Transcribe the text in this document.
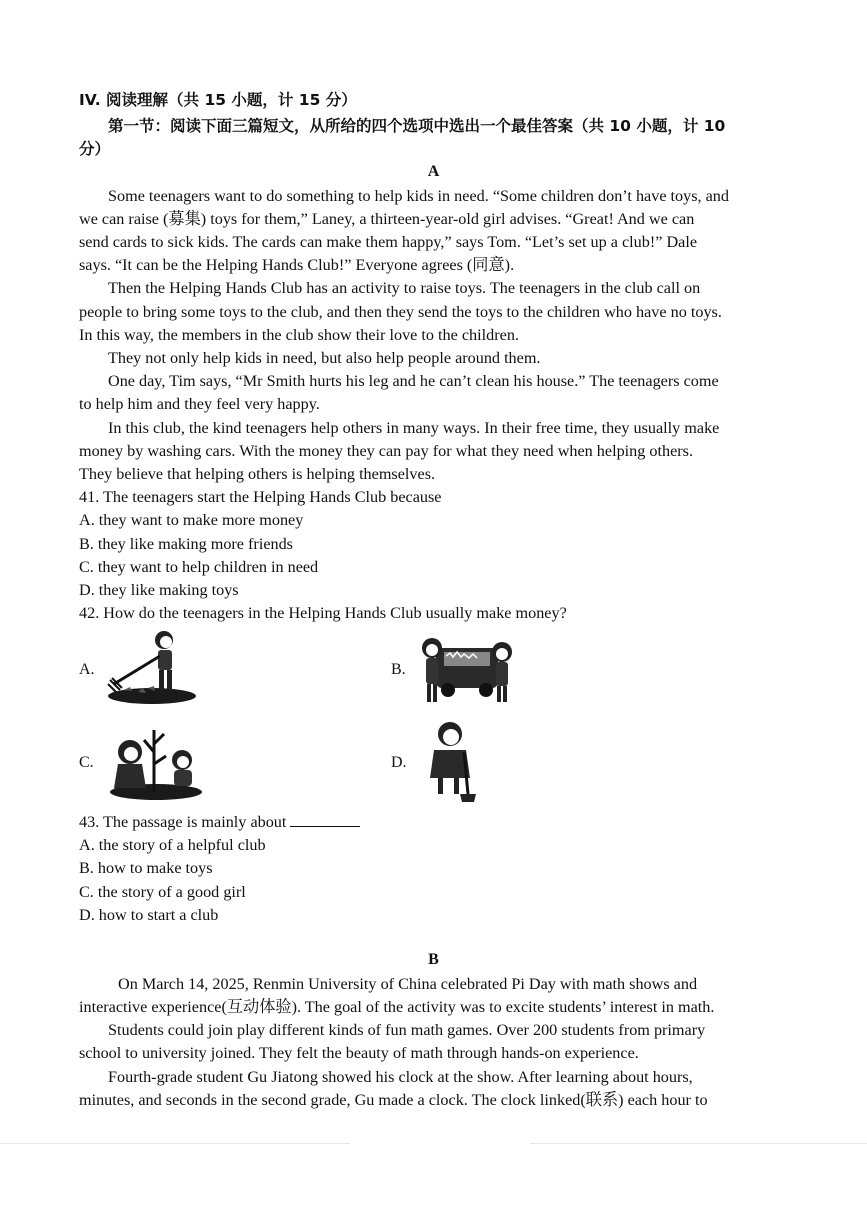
IV. 阅读理解（共 15 小题，计 15 分）
第一节：阅读下面三篇短文，从所给的四个选项中选出一个最佳答案（共 10 小题，计 10
分）
A
Some teenagers want to do something to help kids in need. “Some children don’t have toys, and
we can raise (募集) toys for them,” Laney, a thirteen-year-old girl advises. “Great! And we can
send cards to sick kids. The cards can make them happy,” says Tom. “Let’s set up a club!” Dale
says. “It can be the Helping Hands Club!” Everyone agrees (同意).
Then the Helping Hands Club has an activity to raise toys. The teenagers in the club call on
people to bring some toys to the club, and then they send the toys to the children who have no toys.
In this way, the members in the club show their love to the children.
They not only help kids in need, but also help people around them.
One day, Tim says, “Mr Smith hurts his leg and he can’t clean his house.” The teenagers come
to help him and they feel very happy.
In this club, the kind teenagers help others in many ways. In their free time, they usually make
money by washing cars. With the money they can pay for what they need when helping others.
They believe that helping others is helping themselves.
41. The teenagers start the Helping Hands Club because
A. they want to make more money
B. they like making more friends
C. they want to help children in need
D. they like making toys
42. How do the teenagers in the Helping Hands Club usually make money?
A.	B.
C.	D.
43. The passage is mainly about
A. the story of a helpful club
B. how to make toys
C. the story of a good girl
D. how to start a club
B
On March 14, 2025, Renmin University of China celebrated Pi Day with math shows and
interactive experience(互动体验). The goal of the activity was to excite students’ interest in math.
Students could join play different kinds of fun math games. Over 200 students from primary
school to university joined. They felt the beauty of math through hands-on experience.
Fourth-grade student Gu Jiatong showed his clock at the show. After learning about hours,
minutes, and seconds in the second grade, Gu made a clock. The clock linked(联系) each hour to
